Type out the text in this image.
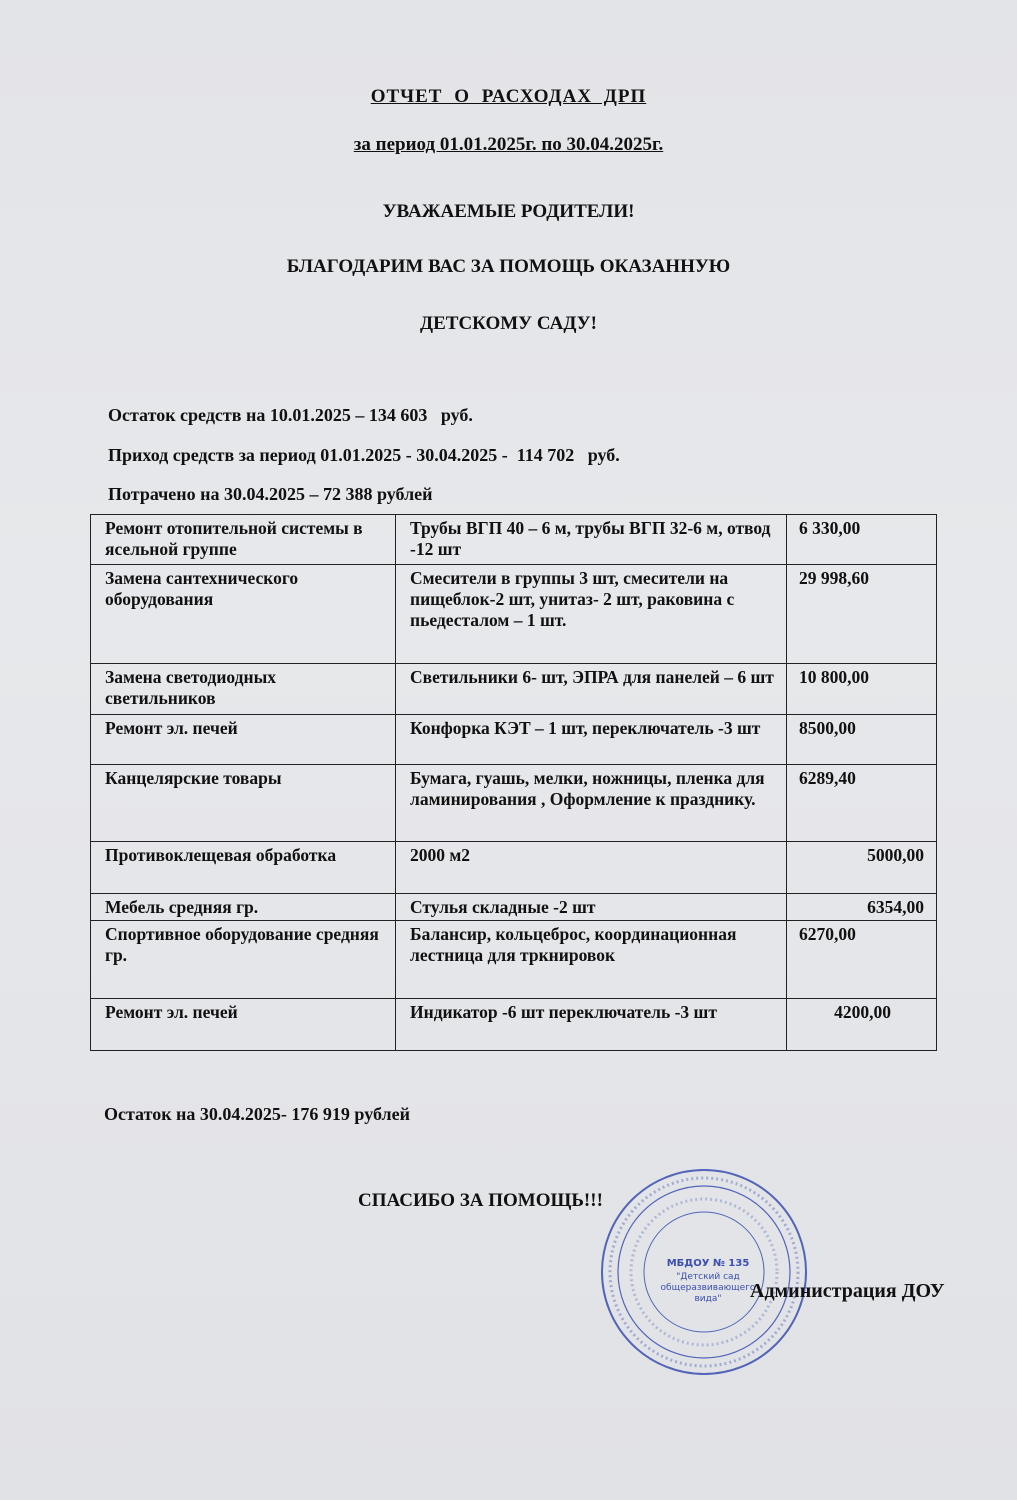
ОТЧЕТ О РАСХОДАХ ДРП
за период 01.01.2025г. по 30.04.2025г.
УВАЖАЕМЫЕ РОДИТЕЛИ!
БЛАГОДАРИМ ВАС ЗА ПОМОЩЬ ОКАЗАННУЮ
ДЕТСКОМУ САДУ!
Остаток средств на 10.01.2025 – 134 603   руб.
Приход средств за период 01.01.2025 - 30.04.2025 -  114 702   руб.
Потрачено на 30.04.2025 – 72 388 рублей
Ремонт отопительной системы в ясельной группе	Трубы ВГП 40 – 6 м, трубы ВГП 32-6 м, отвод -12 шт	6 330,00
Замена сантехнического оборудования	Смесители в группы 3 шт, смесители на пищеблок-2 шт, унитаз- 2 шт, раковина с пьедесталом – 1 шт.	29 998,60
Замена светодиодных светильников	Светильники 6- шт, ЭПРА для панелей – 6 шт	10 800,00
Ремонт эл. печей	Конфорка КЭТ – 1 шт, переключатель -3 шт	8500,00
Канцелярские товары	Бумага, гуашь, мелки, ножницы, пленка для ламинирования , Оформление к празднику.	6289,40
Противоклещевая обработка	2000 м2	5000,00
Мебель средняя гр.	Стулья складные -2 шт	6354,00
Спортивное оборудование средняя гр.	Балансир, кольцеброс, координационная лестница для тркнировок	6270,00
Ремонт эл. печей	Индикатор -6 шт переключатель -3 шт	4200,00
Остаток на 30.04.2025- 176 919 рублей
СПАСИБО ЗА ПОМОЩЬ!!!
МБДОУ № 135
"Детский сад общеразвивающего вида"	Администрация ДОУ
